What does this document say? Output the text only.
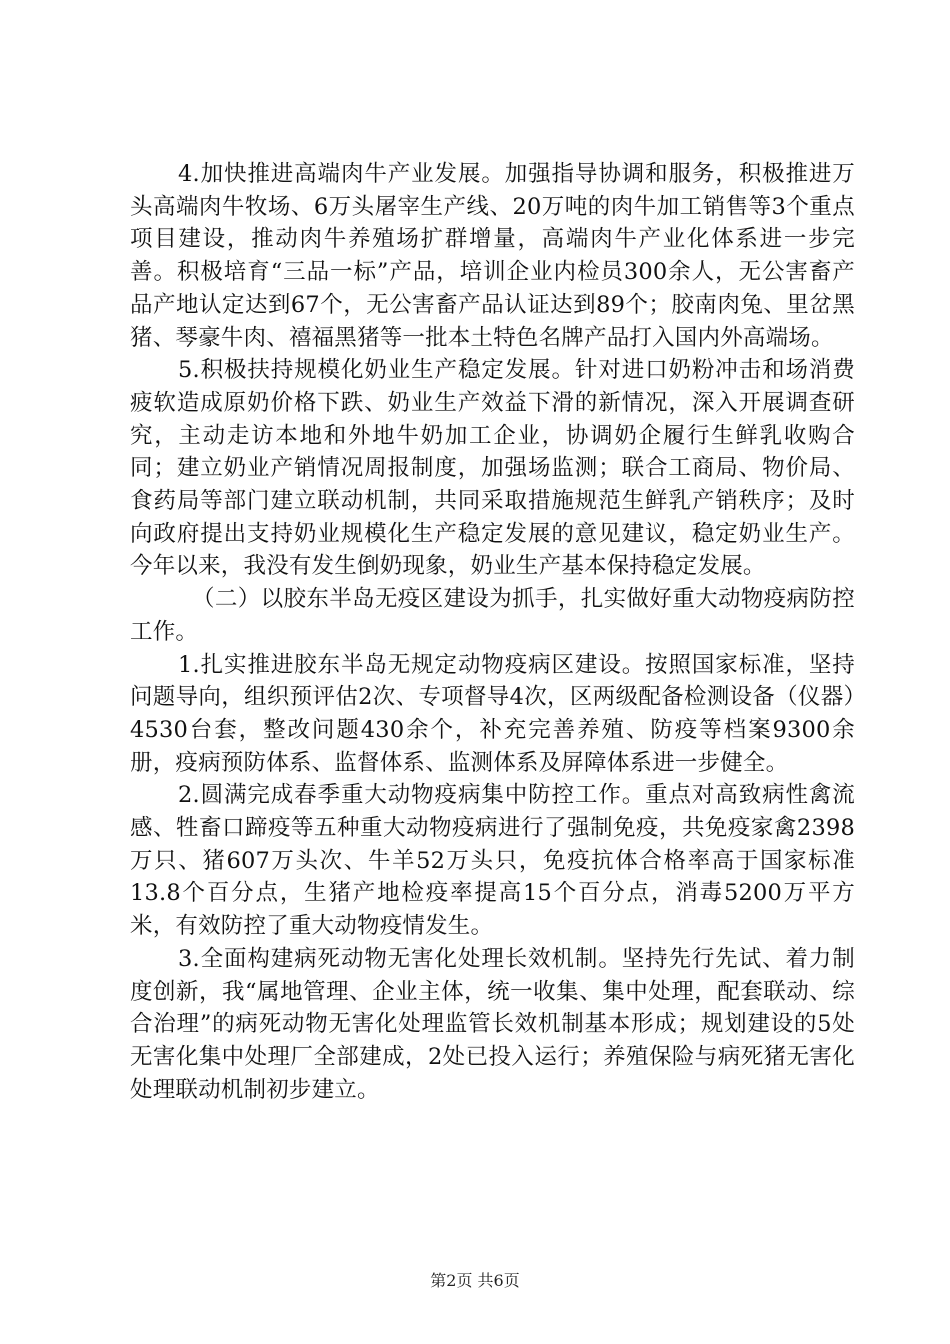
4.加快推进高端肉牛产业发展。加强指导协调和服务，积极推进万头高端肉牛牧场、6万头屠宰生产线、20万吨的肉牛加工销售等3个重点项目建设，推动肉牛养殖场扩群增量，高端肉牛产业化体系进一步完善。积极培育“三品一标”产品，培训企业内检员300余人，无公害畜产品产地认定达到67个，无公害畜产品认证达到89个；胶南肉兔、里岔黑猪、琴豪牛肉、禧福黑猪等一批本土特色名牌产品打入国内外高端场。

5.积极扶持规模化奶业生产稳定发展。针对进口奶粉冲击和场消费疲软造成原奶价格下跌、奶业生产效益下滑的新情况，深入开展调查研究，主动走访本地和外地牛奶加工企业，协调奶企履行生鲜乳收购合同；建立奶业产销情况周报制度，加强场监测；联合工商局、物价局、食药局等部门建立联动机制，共同采取措施规范生鲜乳产销秩序；及时向政府提出支持奶业规模化生产稳定发展的意见建议，稳定奶业生产。今年以来，我没有发生倒奶现象，奶业生产基本保持稳定发展。

（二）以胶东半岛无疫区建设为抓手，扎实做好重大动物疫病防控工作。

1.扎实推进胶东半岛无规定动物疫病区建设。按照国家标准，坚持问题导向，组织预评估2次、专项督导4次，区两级配备检测设备（仪器）4530台套，整改问题430余个，补充完善养殖、防疫等档案9300余册，疫病预防体系、监督体系、监测体系及屏障体系进一步健全。

2.圆满完成春季重大动物疫病集中防控工作。重点对高致病性禽流感、牲畜口蹄疫等五种重大动物疫病进行了强制免疫，共免疫家禽2398万只、猪607万头次、牛羊52万头只，免疫抗体合格率高于国家标准13.8个百分点，生猪产地检疫率提高15个百分点，消毒5200万平方米，有效防控了重大动物疫情发生。

3.全面构建病死动物无害化处理长效机制。坚持先行先试、着力制度创新，我“属地管理、企业主体，统一收集、集中处理，配套联动、综合治理”的病死动物无害化处理监管长效机制基本形成；规划建设的5处无害化集中处理厂全部建成，2处已投入运行；养殖保险与病死猪无害化处理联动机制初步建立。

第2页 共6页
